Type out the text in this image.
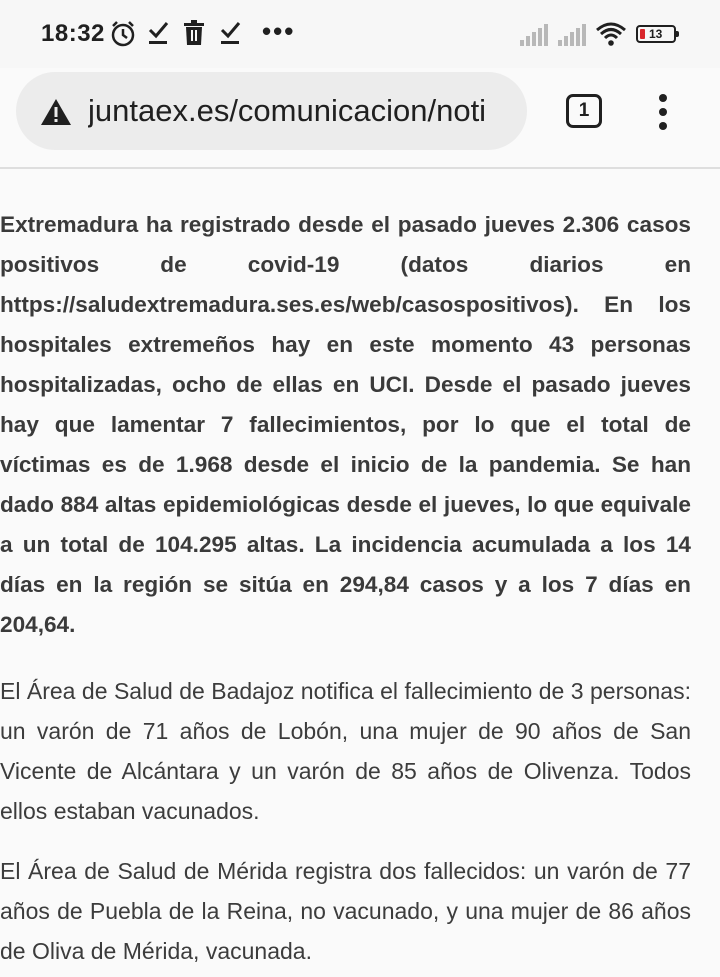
18:32	•••	13
juntaex.es/comunicacion/noti	1

Extremadura ha registrado desde el pasado jueves 2.306 casos positivos de covid-19 (datos diarios en https://saludextremadura.ses.es/web/casospositivos). En los hospitales extremeños hay en este momento 43 personas hospitalizadas, ocho de ellas en UCI. Desde el pasado jueves hay que lamentar 7 fallecimientos, por lo que el total de víctimas es de 1.968 desde el inicio de la pandemia. Se han dado 884 altas epidemiológicas desde el jueves, lo que equivale a un total de 104.295 altas. La incidencia acumulada a los 14 días en la región se sitúa en 294,84 casos y a los 7 días en 204,64.

El Área de Salud de Badajoz notifica el fallecimiento de 3 personas: un varón de 71 años de Lobón, una mujer de 90 años de San Vicente de Alcántara y un varón de 85 años de Olivenza. Todos ellos estaban vacunados.

El Área de Salud de Mérida registra dos fallecidos: un varón de 77 años de Puebla de la Reina, no vacunado, y una mujer de 86 años de Oliva de Mérida, vacunada.
